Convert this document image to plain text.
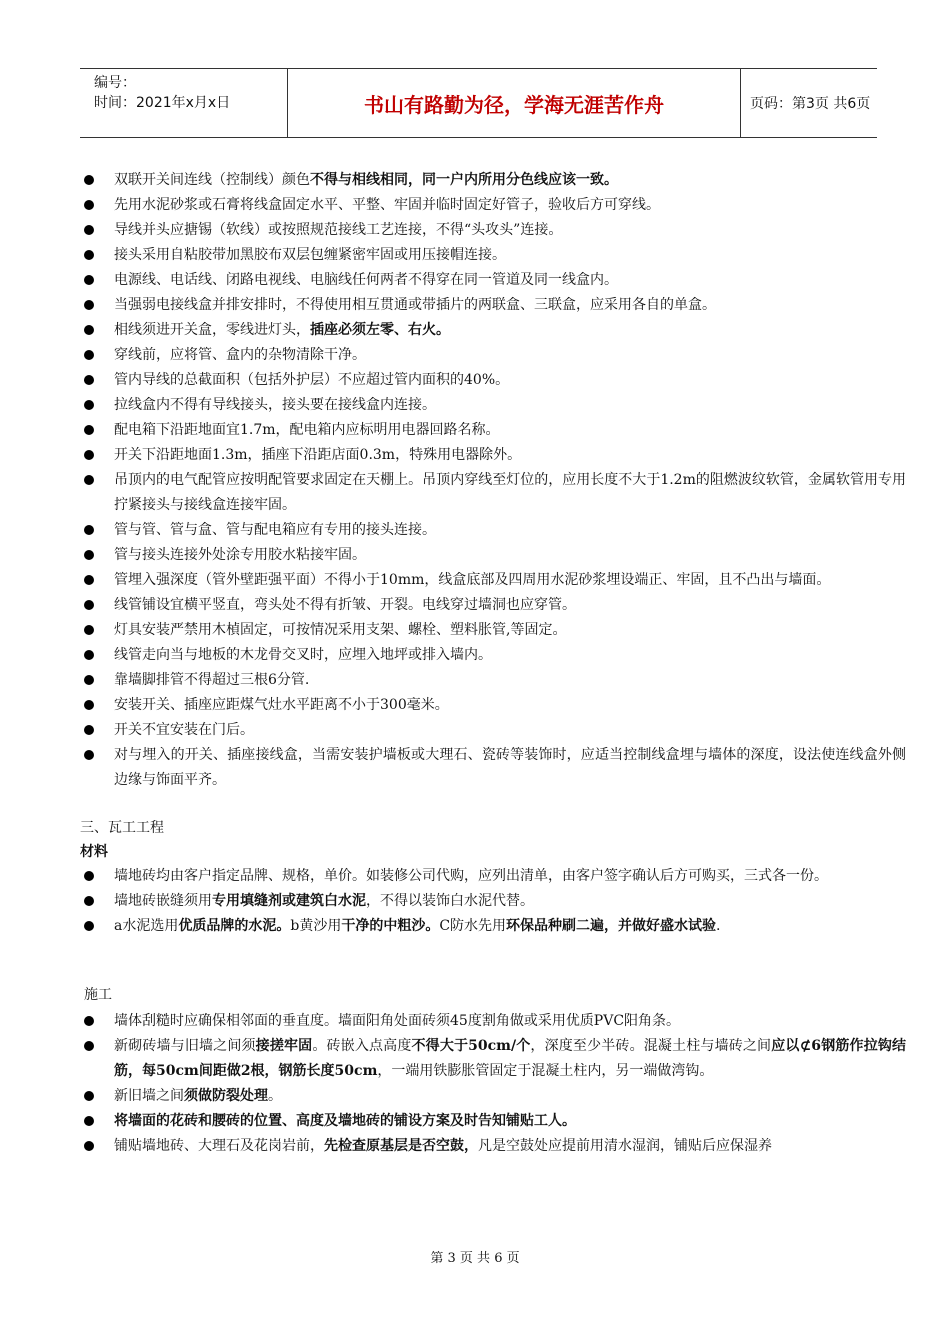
编号：
时间：2021年x月x日	书山有路勤为径，学海无涯苦作舟	页码：第3页 共6页
双联开关间连线（控制线）颜色不得与相线相同，同一户内所用分色线应该一致。
先用水泥砂浆或石膏将线盒固定水平、平整、牢固并临时固定好管子，验收后方可穿线。
导线并头应搪锡（软线）或按照规范接线工艺连接，不得“头攻头”连接。
接头采用自粘胶带加黑胶布双层包缠紧密牢固或用压接帽连接。
电源线、电话线、闭路电视线、电脑线任何两者不得穿在同一管道及同一线盒内。
当强弱电接线盒并排安排时，不得使用相互贯通或带插片的两联盒、三联盒，应采用各自的单盒。
相线须进开关盒，零线进灯头，插座必须左零、右火。
穿线前，应将管、盒内的杂物清除干净。
管内导线的总截面积（包括外护层）不应超过管内面积的40%。
拉线盒内不得有导线接头，接头要在接线盒内连接。
配电箱下沿距地面宜1.7m，配电箱内应标明用电器回路名称。
开关下沿距地面1.3m，插座下沿距店面0.3m，特殊用电器除外。
吊顶内的电气配管应按明配管要求固定在天棚上。吊顶内穿线至灯位的，应用长度不大于1.2m的阻燃波纹软管，金属软管用专用拧紧接头与接线盒连接牢固。
管与管、管与盒、管与配电箱应有专用的接头连接。
管与接头连接外处涂专用胶水粘接牢固。
管埋入强深度（管外壁距强平面）不得小于10mm，线盒底部及四周用水泥砂浆埋设端正、牢固，且不凸出与墙面。
线管铺设宜横平竖直，弯头处不得有折皱、开裂。电线穿过墙洞也应穿管。
灯具安装严禁用木楨固定，可按情况采用支架、螺栓、塑料胀管,等固定。
线管走向当与地板的木龙骨交叉时，应埋入地坪或排入墙内。
靠墙脚排管不得超过三根6分管.
安装开关、插座应距煤气灶水平距离不小于300毫米。
开关不宜安装在门后。
对与埋入的开关、插座接线盒，当需安装护墙板或大理石、瓷砖等装饰时，应适当控制线盒埋与墙体的深度，设法使连线盒外侧边缘与饰面平齐。
三、瓦工工程
材料
墙地砖均由客户指定品牌、规格，单价。如装修公司代购，应列出清单，由客户签字确认后方可购买，三式各一份。
墙地砖嵌缝须用专用填缝剂或建筑白水泥，不得以装饰白水泥代替。
a水泥选用优质品牌的水泥。b黄沙用干净的中粗沙。C防水先用环保品种刷二遍，并做好盛水试验.
施工
墙体刮糙时应确保相邻面的垂直度。墙面阳角处面砖须45度割角做或采用优质PVC阳角条。
新砌砖墙与旧墙之间须接搓牢固。砖嵌入点高度不得大于50cm/个，深度至少半砖。混凝土柱与墙砖之间应以⊄6钢筋作拉钩结筋，每50cm间距做2根，钢筋长度50cm，一端用铁膨胀管固定于混凝土柱内，另一端做湾钩。
新旧墙之间须做防裂处理。
将墙面的花砖和腰砖的位置、高度及墙地砖的铺设方案及时告知铺贴工人。
铺贴墙地砖、大理石及花岗岩前，先检查原基层是否空鼓，凡是空鼓处应提前用清水湿润，铺贴后应保湿养
第 3 页 共 6 页
